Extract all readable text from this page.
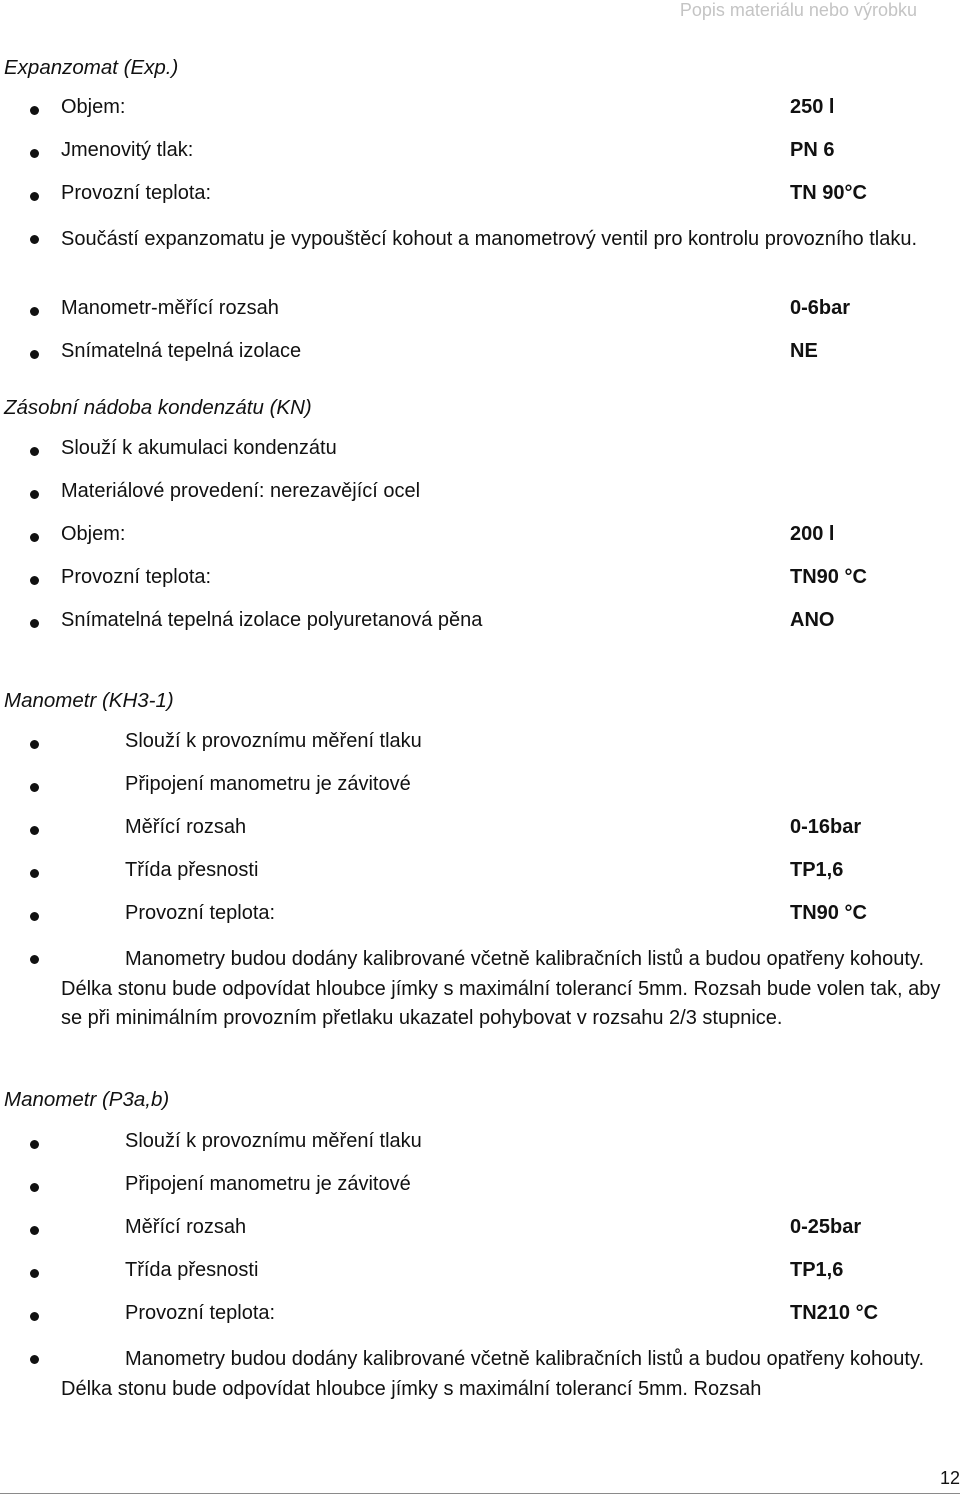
Popis materiálu nebo výrobku
Expanzomat (Exp.)
Objem:	250 l
Jmenovitý tlak:	PN 6
Provozní teplota:	TN 90°C

Součástí expanzomatu je vypouštěcí kohout a manometrový ventil pro kontrolu provozního tlaku.

Manometr-měřící rozsah	0-6bar
Snímatelná tepelná izolace	NE
Zásobní nádoba kondenzátu (KN)
Slouží k akumulaci kondenzátu
Materiálové provedení: nerezavějící ocel
Objem:	200 l
Provozní teplota:	TN90 °C
Snímatelná tepelná izolace polyuretanová pěna	ANO
Manometr (KH3-1)
Slouží k provoznímu měření tlaku
Připojení manometru je závitové
Měřící rozsah	0-16bar
Třída přesnosti	TP1,6
Provozní teplota:	TN90 °C

Manometry budou dodány kalibrované včetně kalibračních listů a budou opatřeny kohouty. Délka stonu bude odpovídat hloubce jímky s maximální tolerancí 5mm. Rozsah bude volen tak, aby se při minimálním provozním přetlaku ukazatel pohybovat v rozsahu 2/3 stupnice.

Manometr (P3a,b)
Slouží k provoznímu měření tlaku
Připojení manometru je závitové
Měřící rozsah	0-25bar
Třída přesnosti	TP1,6
Provozní teplota:	TN210 °C

Manometry budou dodány kalibrované včetně kalibračních listů a budou opatřeny kohouty. Délka stonu bude odpovídat hloubce jímky s maximální tolerancí 5mm. Rozsah

12
